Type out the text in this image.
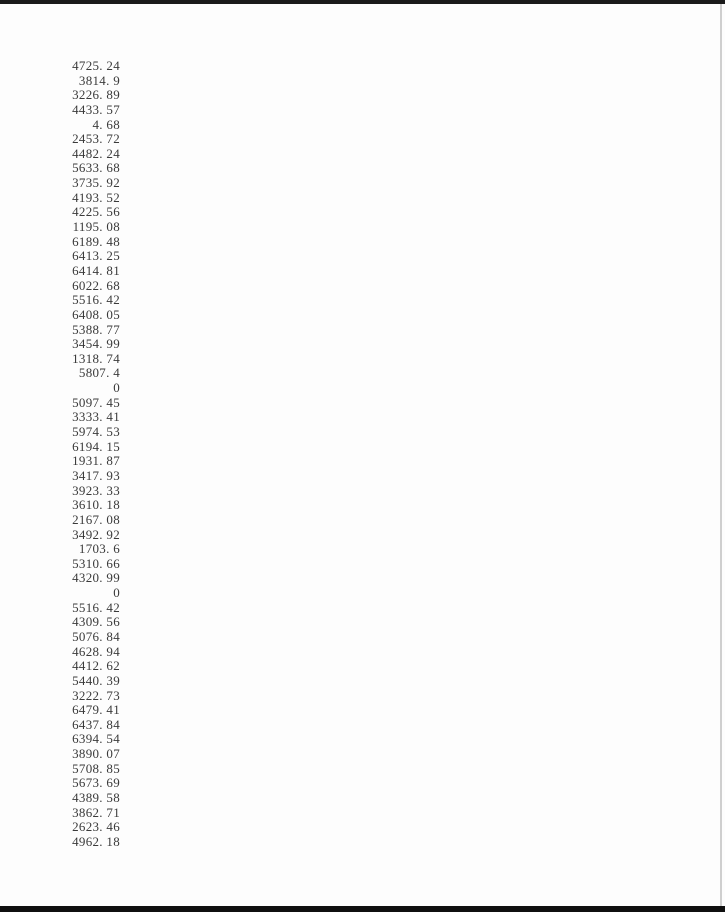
4725. 24
3814. 9
3226. 89
4433. 57
4. 68
2453. 72
4482. 24
5633. 68
3735. 92
4193. 52
4225. 56
1195. 08
6189. 48
6413. 25
6414. 81
6022. 68
5516. 42
6408. 05
5388. 77
3454. 99
1318. 74
5807. 4
0
5097. 45
3333. 41
5974. 53
6194. 15
1931. 87
3417. 93
3923. 33
3610. 18
2167. 08
3492. 92
1703. 6
5310. 66
4320. 99
0
5516. 42
4309. 56
5076. 84
4628. 94
4412. 62
5440. 39
3222. 73
6479. 41
6437. 84
6394. 54
3890. 07
5708. 85
5673. 69
4389. 58
3862. 71
2623. 46
4962. 18
